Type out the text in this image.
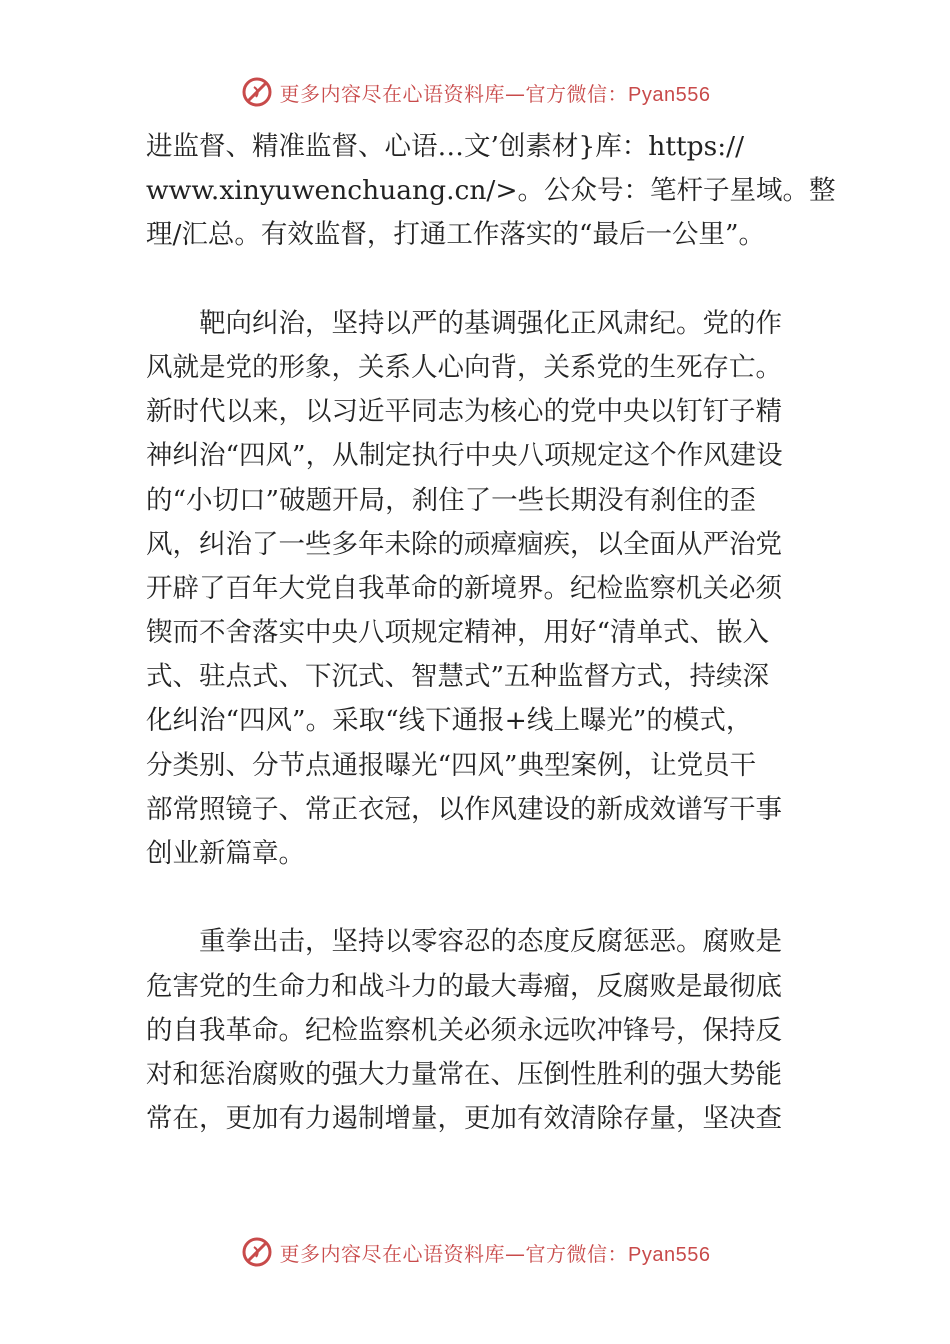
更多内容尽在心语资料库—官方微信：Pyan556

进监督、精准监督、心语…文’创素材}库：https://
www.xinyuwenchuang.cn/>。公众号：笔杆子星域。整
理/汇总。有效监督，打通工作落实的“最后一公里”。

　　靶向纠治，坚持以严的基调强化正风肃纪。党的作
风就是党的形象，关系人心向背，关系党的生死存亡。
新时代以来，以习近平同志为核心的党中央以钉钉子精
神纠治“四风”，从制定执行中央八项规定这个作风建设
的“小切口”破题开局，刹住了一些长期没有刹住的歪
风，纠治了一些多年未除的顽瘴痼疾，以全面从严治党
开辟了百年大党自我革命的新境界。纪检监察机关必须
锲而不舍落实中央八项规定精神，用好“清单式、嵌入
式、驻点式、下沉式、智慧式”五种监督方式，持续深
化纠治“四风”。采取“线下通报+线上曝光”的模式，
分类别、分节点通报曝光“四风”典型案例，让党员干
部常照镜子、常正衣冠，以作风建设的新成效谱写干事
创业新篇章。

　　重拳出击，坚持以零容忍的态度反腐惩恶。腐败是
危害党的生命力和战斗力的最大毒瘤，反腐败是最彻底
的自我革命。纪检监察机关必须永远吹冲锋号，保持反
对和惩治腐败的强大力量常在、压倒性胜利的强大势能
常在，更加有力遏制增量，更加有效清除存量，坚决查

更多内容尽在心语资料库—官方微信：Pyan556
